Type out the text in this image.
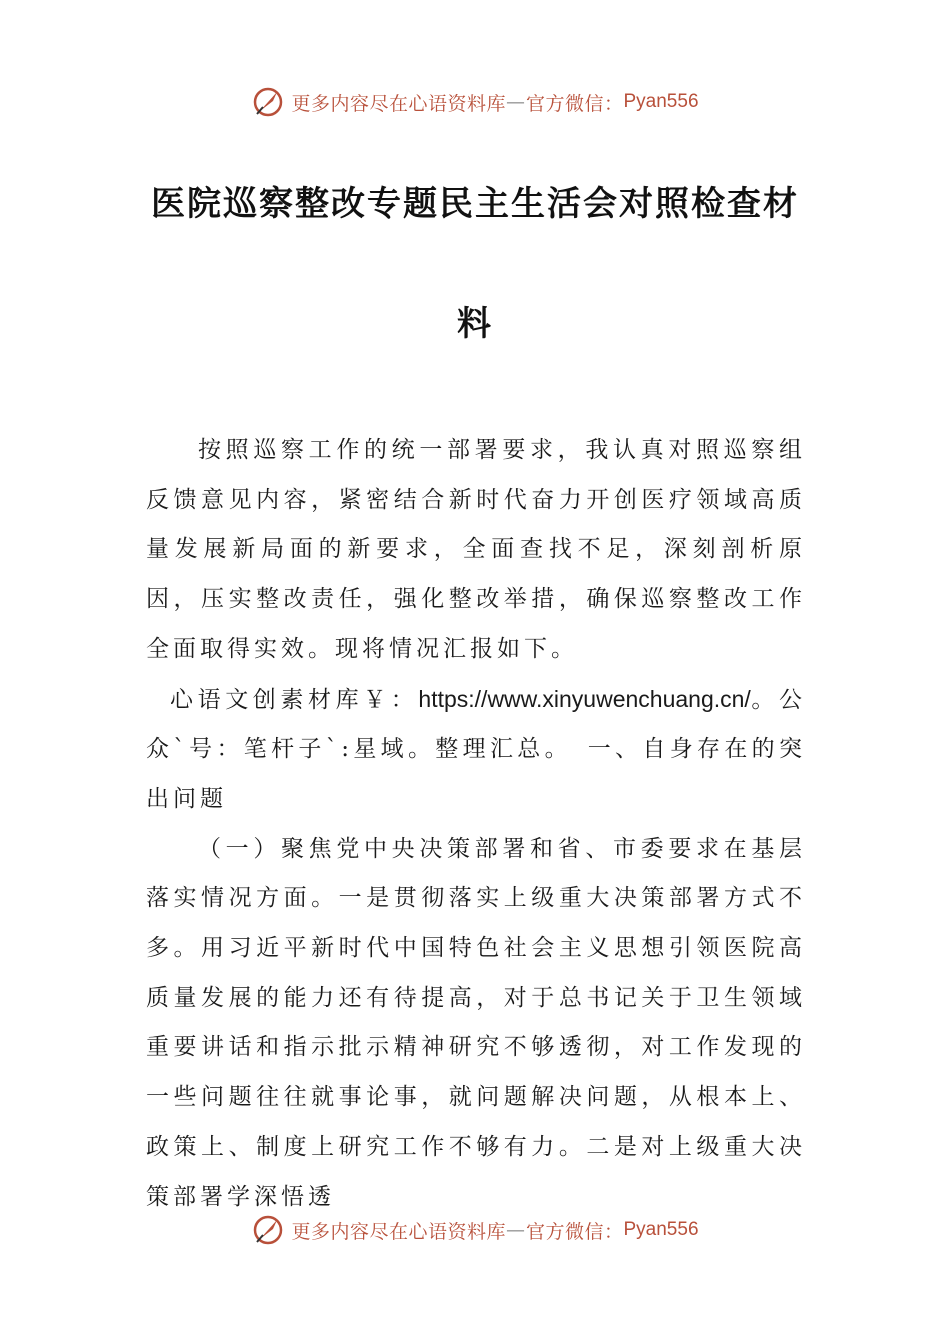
更多内容尽在心语资料库 — 官方微信： Pyan556
医院巡察整改专题民主生活会对照检查材
料

按照巡察工作的统一部署要求，我认真对照巡察组反馈意见内容，紧密结合新时代奋力开创医疗领域高质量发展新局面的新要求，全面查找不足，深刻剖析原因，压实整改责任，强化整改举措，确保巡察整改工作全面取得实效。现将情况汇报如下。

心语文创素材库￥：https://www.xinyuwenchuang.cn/。公众`号：笔杆子`:星域。整理汇总。　一、自身存在的突出问题

（一）聚焦党中央决策部署和省、市委要求在基层落实情况方面。一是贯彻落实上级重大决策部署方式不多。用习近平新时代中国特色社会主义思想引领医院高质量发展的能力还有待提高，对于总书记关于卫生领域重要讲话和指示批示精神研究不够透彻，对工作发现的一些问题往往就事论事，就问题解决问题，从根本上、政策上、制度上研究工作不够有力。二是对上级重大决策部署学深悟透

更多内容尽在心语资料库 — 官方微信： Pyan556
